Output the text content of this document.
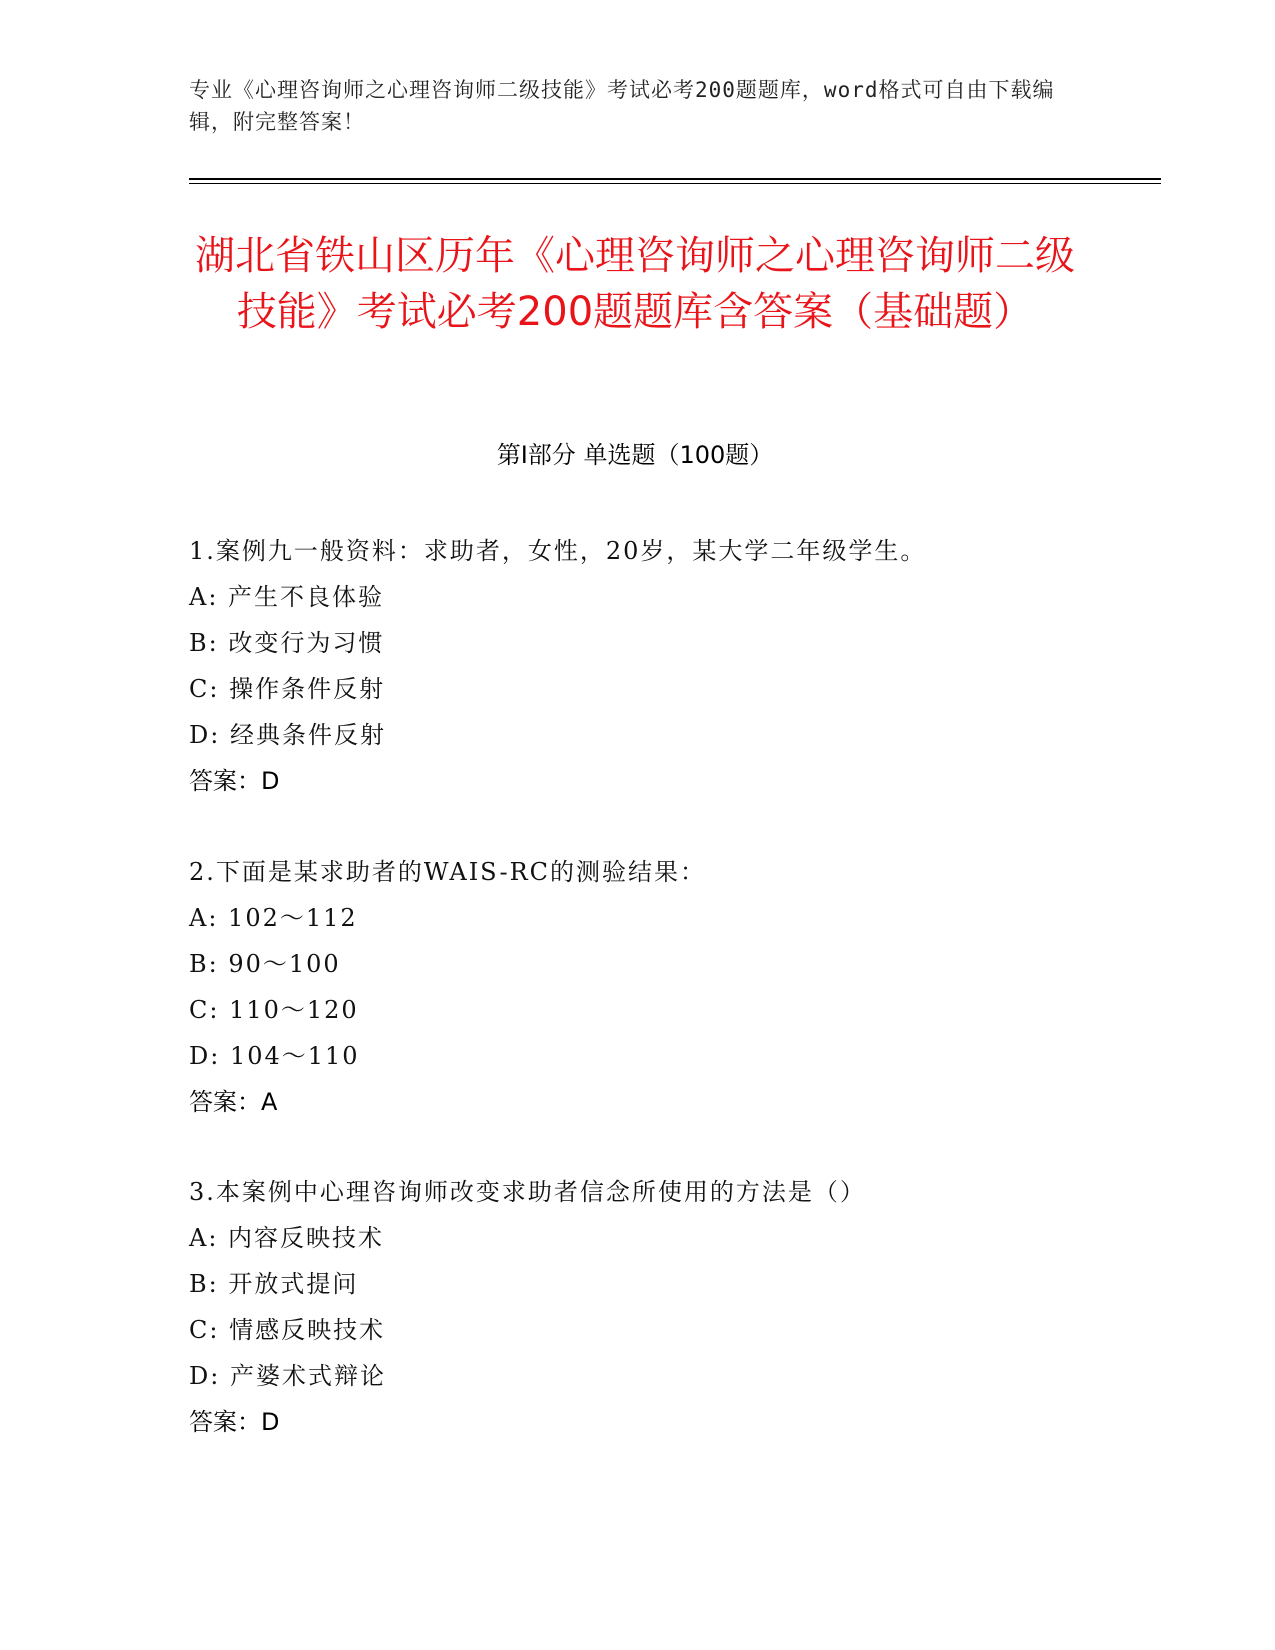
专业《心理咨询师之心理咨询师二级技能》考试必考200题题库，word格式可自由下载编辑，附完整答案！
湖北省铁山区历年《心理咨询师之心理咨询师二级技能》考试必考200题题库含答案（基础题）
第I部分 单选题（100题）
1.案例九一般资料：求助者，女性，20岁，某大学二年级学生。
A: 产生不良体验
B: 改变行为习惯
C: 操作条件反射
D: 经典条件反射
答案：D
2.下面是某求助者的WAIS-RC的测验结果：
A: 102～112
B: 90～100
C: 110～120
D: 104～110
答案：A
3.本案例中心理咨询师改变求助者信念所使用的方法是（）
A: 内容反映技术
B: 开放式提问
C: 情感反映技术
D: 产婆术式辩论
答案：D
